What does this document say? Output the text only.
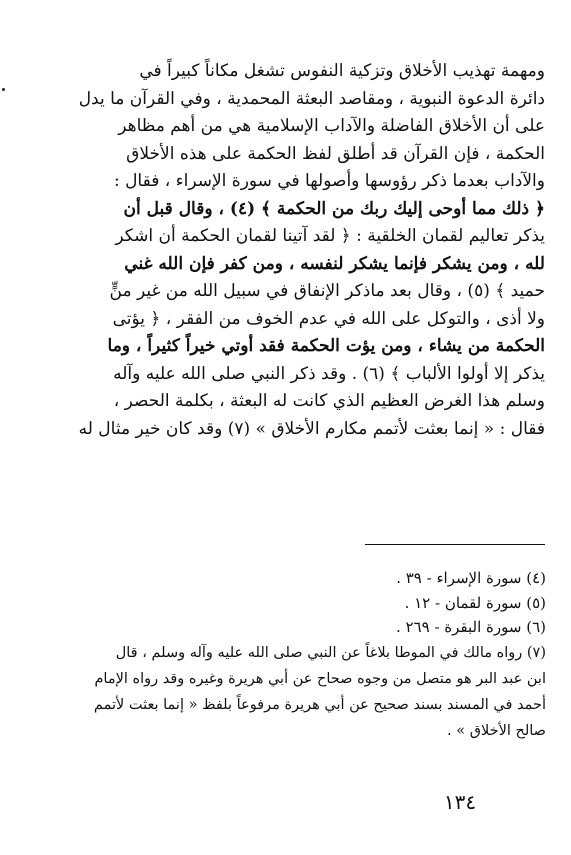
ومهمة تهذيب الأخلاق وتزكية النفوس تشغل مكاناً كبيراً في
دائرة الدعوة النبوية ، ومقاصد البعثة المحمدية ، وفي القرآن ما يدل
على أن الأخلاق الفاضلة والآداب الإسلامية هي من أهم مظاهر
الحكمة ، فإن القرآن قد أطلق لفظ الحكمة على هذه الأخلاق
والآداب بعدما ذكر رؤوسها وأصولها في سورة الإسراء ، فقال :
﴿ ذلك مما أوحى إليك ربك من الحكمة ﴾ (٤) ، وقال قبل أن
يذكر تعاليم لقمان الخلقية : ﴿ لقد آتينا لقمان الحكمة أن اشكر
لله ، ومن يشكر فإنما يشكر لنفسه ، ومن كفر فإن الله غني
حميد ﴾ (٥) ، وقال بعد ماذكر الإنفاق في سبيل الله من غير منٍّ
ولا أذى ، والتوكل على الله في عدم الخوف من الفقر ، ﴿ يؤتى
الحكمة من يشاء ، ومن يؤت الحكمة فقد أوتي خيراً كثيراً ، وما
يذكر إلا أولوا الألباب ﴾ (٦) . وقد ذكر النبي صلى الله عليه وآله
وسلم هذا الغرض العظيم الذي كانت له البعثة ، بكلمة الحصر ،
فقال : « إنما بعثت لأتمم مكارم الأخلاق » (٧) وقد كان خير مثال له
(٤) سورة الإسراء - ٣٩ .
(٥) سورة لقمان - ١٢ .
(٦) سورة البقرة - ٢٦٩ .
(٧) رواه مالك في الموطا بلاغاً عن النبي صلى الله عليه وآله وسلم ، قال
ابن عبد البر هو متصل من وجوه صحاح عن أبي هريرة وغيره وقد رواه الإمام
أحمد في المسند بسند صحيح عن أبي هريرة مرفوعاً بلفظ « إنما بعثت لأتمم
صالح الأخلاق » .
١٣٤
